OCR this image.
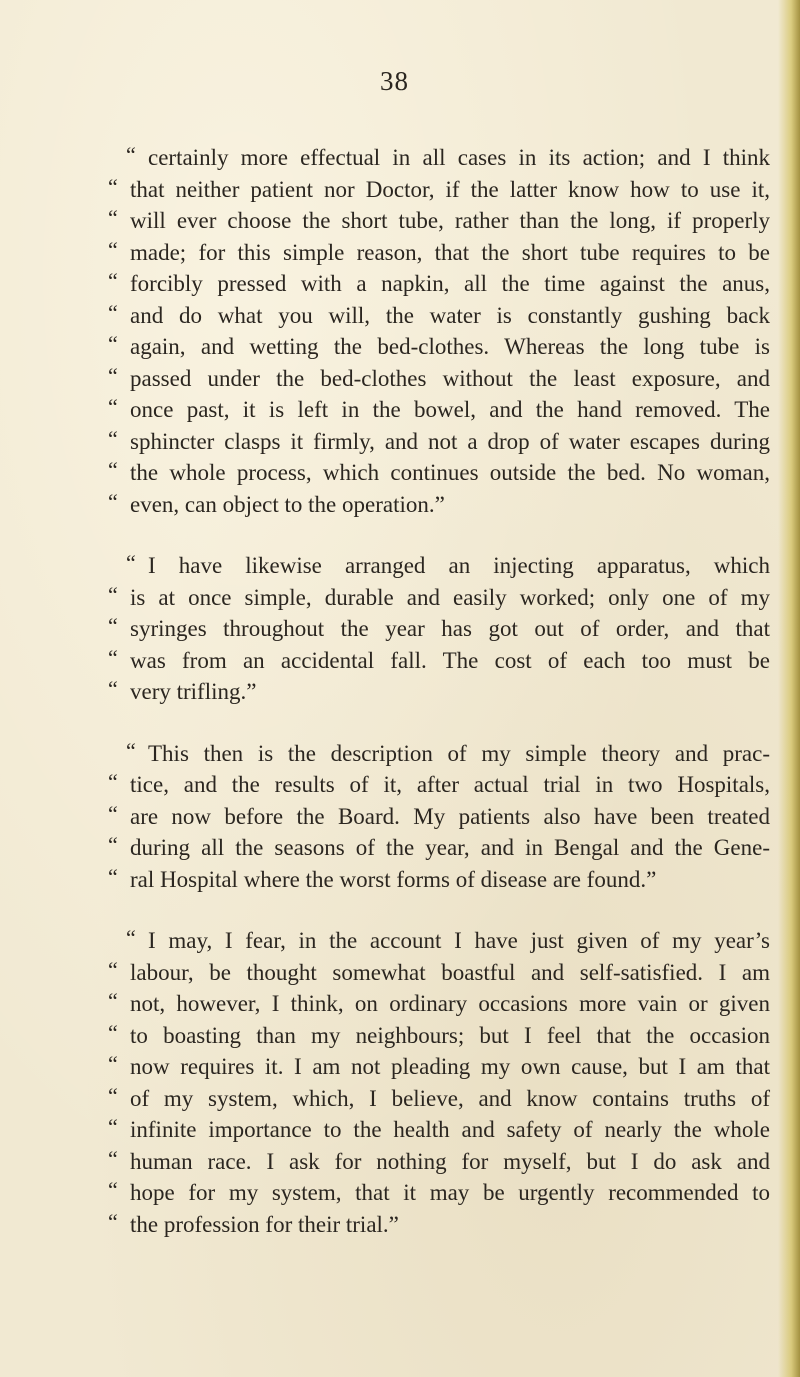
38
“ certainly more effectual in all cases in its action; and I think
“ that neither patient nor Doctor, if the latter know how to use it,
“ will ever choose the short tube, rather than the long, if properly
“ made; for this simple reason, that the short tube requires to be
“ forcibly pressed with a napkin, all the time against the anus,
“ and do what you will, the water is constantly gushing back
“ again, and wetting the bed-clothes. Whereas the long tube is
“ passed under the bed-clothes without the least exposure, and
“ once past, it is left in the bowel, and the hand removed. The
“ sphincter clasps it firmly, and not a drop of water escapes during
“ the whole process, which continues outside the bed. No woman,
“ even, can object to the operation.”
“ I have likewise arranged an injecting apparatus, which
“ is at once simple, durable and easily worked; only one of my
“ syringes throughout the year has got out of order, and that
“ was from an accidental fall. The cost of each too must be
“ very trifling.”
“ This then is the description of my simple theory and prac-
“ tice, and the results of it, after actual trial in two Hospitals,
“ are now before the Board. My patients also have been treated
“ during all the seasons of the year, and in Bengal and the Gene-
“ ral Hospital where the worst forms of disease are found.”
“ I may, I fear, in the account I have just given of my year’s
“ labour, be thought somewhat boastful and self-satisfied. I am
“ not, however, I think, on ordinary occasions more vain or given
“ to boasting than my neighbours; but I feel that the occasion
“ now requires it. I am not pleading my own cause, but I am that
“ of my system, which, I believe, and know contains truths of
“ infinite importance to the health and safety of nearly the whole
“ human race. I ask for nothing for myself, but I do ask and
“ hope for my system, that it may be urgently recommended to
“ the profession for their trial.”
